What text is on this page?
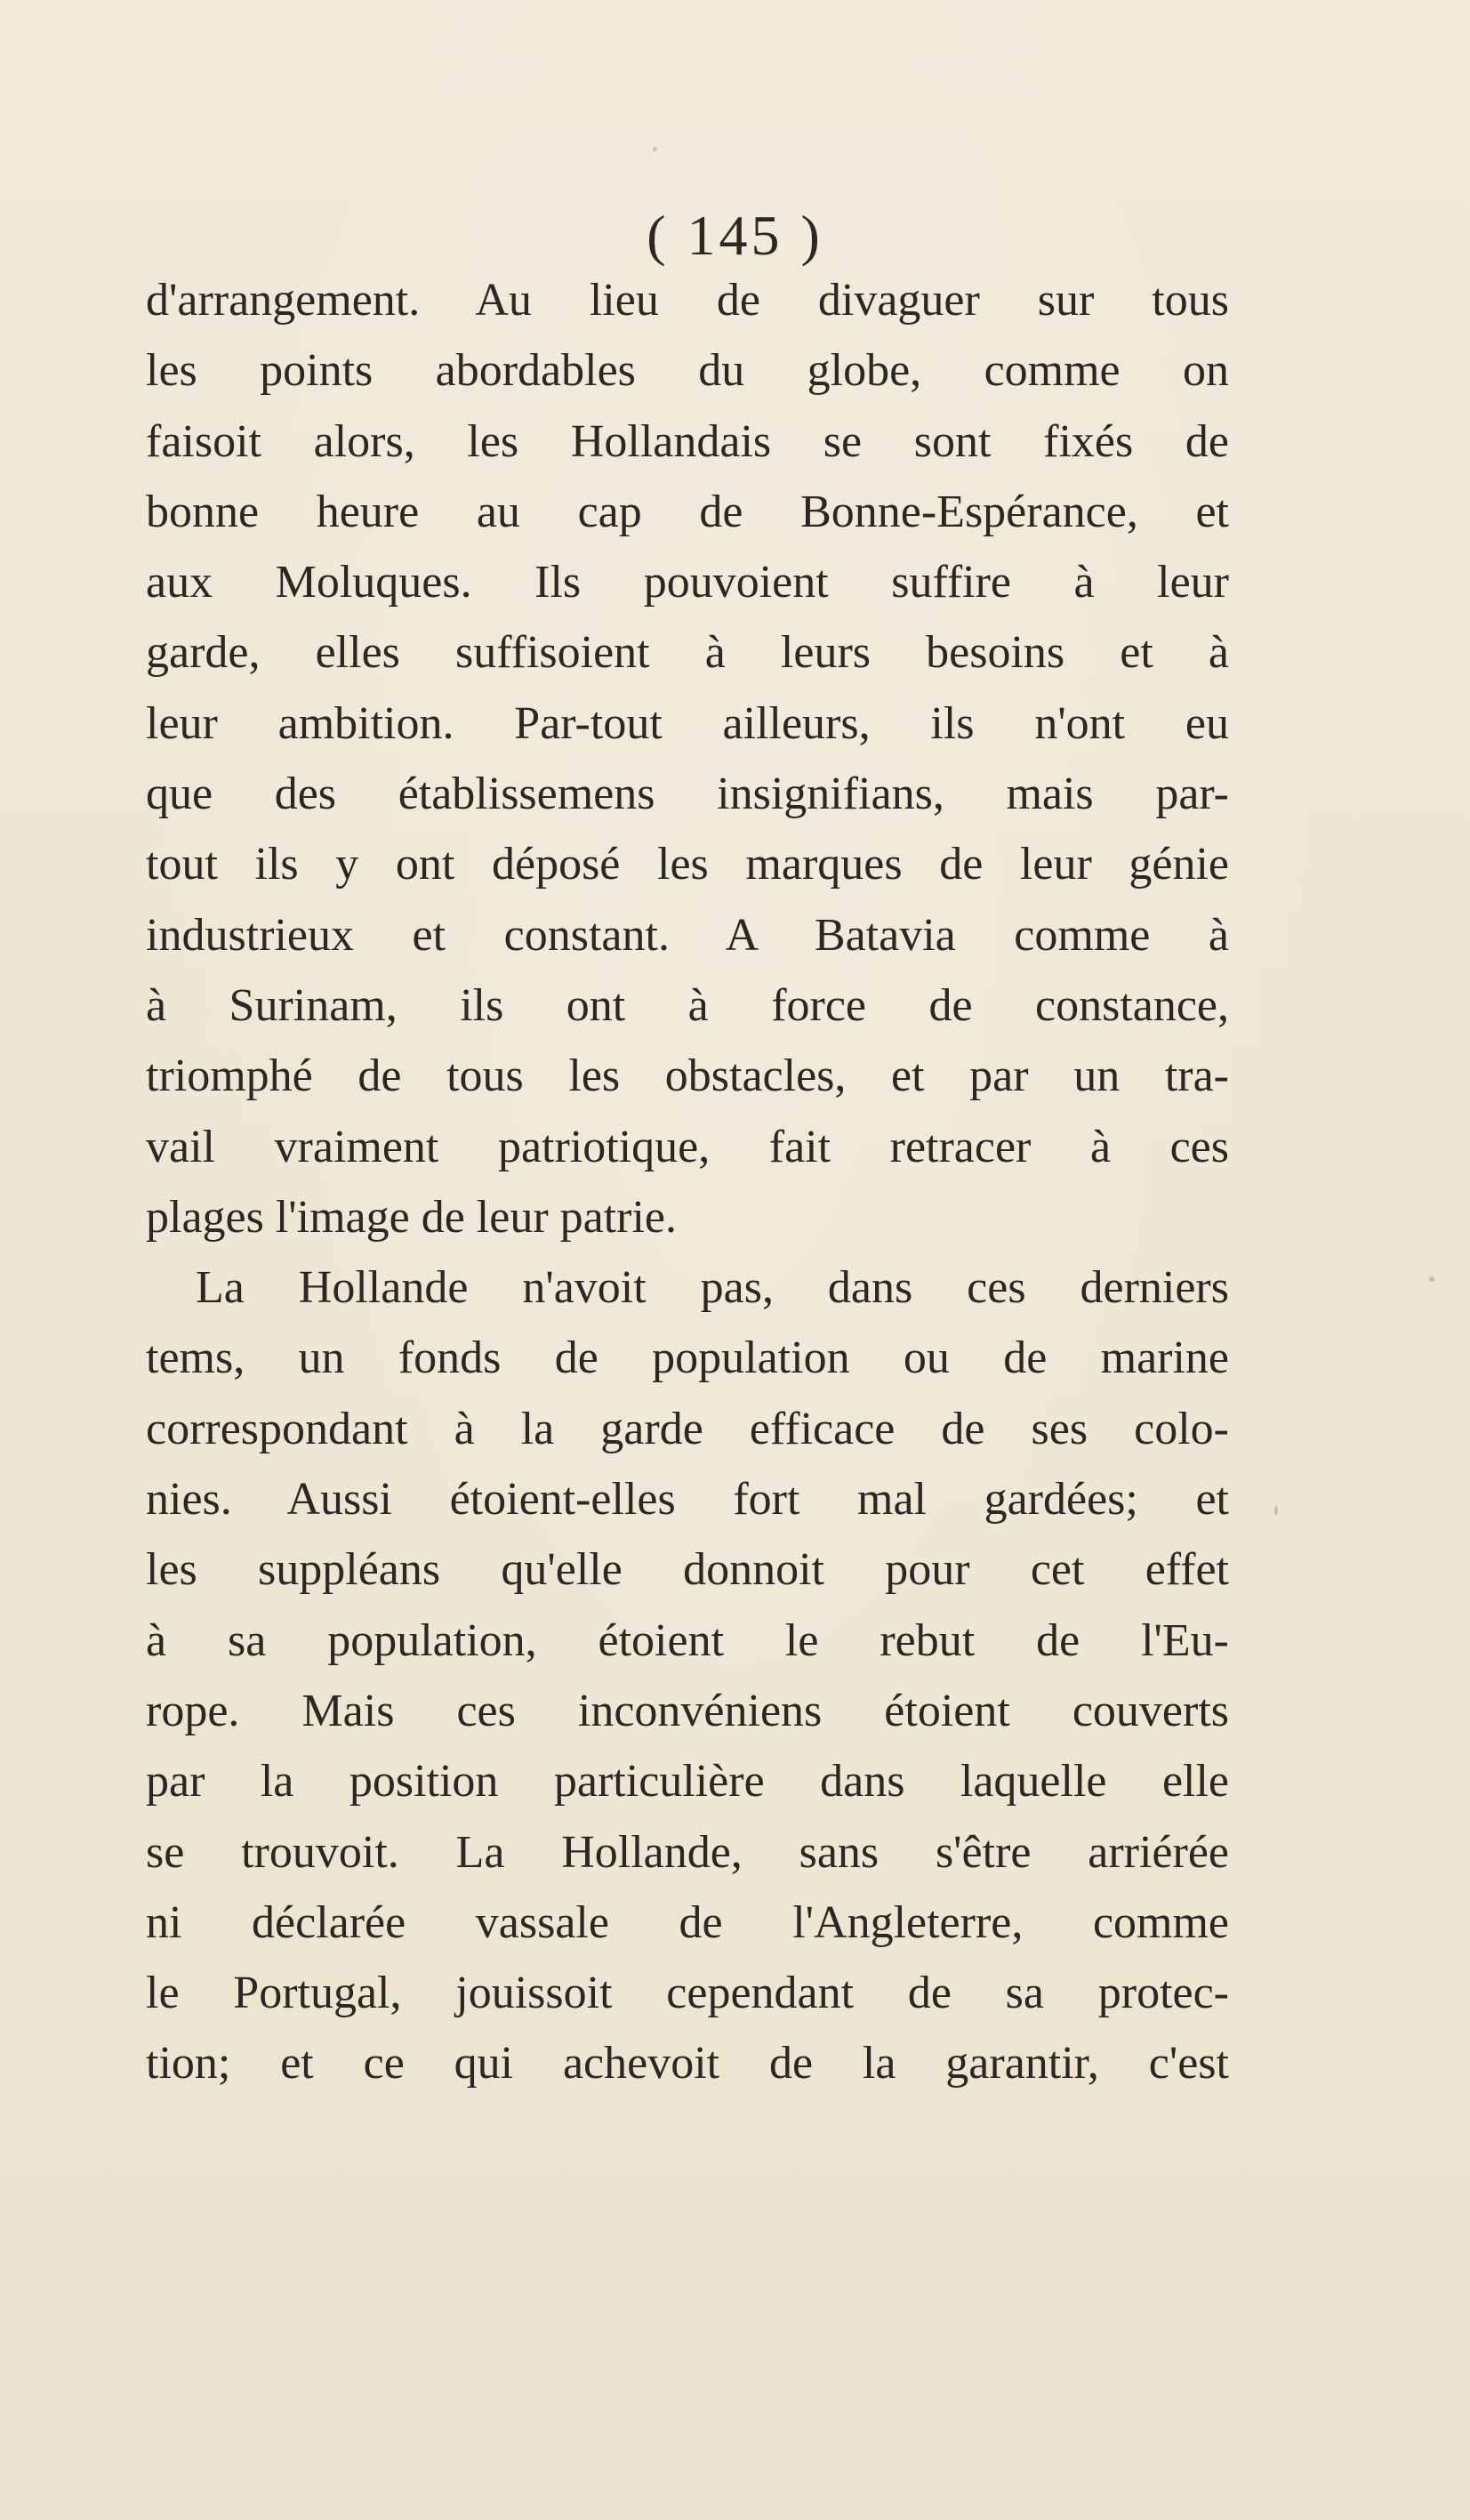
( 145 )
d'arrangement. Au lieu de divaguer sur tous
les points abordables du globe, comme on
faisoit alors, les Hollandais se sont fixés de
bonne heure au cap de Bonne-Espérance, et
aux Moluques. Ils pouvoient suffire à leur
garde, elles suffisoient à leurs besoins et à
leur ambition. Par-tout ailleurs, ils n'ont eu
que des établissemens insignifians, mais par-
tout ils y ont déposé les marques de leur génie
industrieux et constant. A Batavia comme à
à Surinam, ils ont à force de constance,
triomphé de tous les obstacles, et par un tra-
vail vraiment patriotique, fait retracer à ces
plages l'image de leur patrie.
La Hollande n'avoit pas, dans ces derniers
tems, un fonds de population ou de marine
correspondant à la garde efficace de ses colo-
nies. Aussi étoient-elles fort mal gardées; et
les suppléans qu'elle donnoit pour cet effet
à sa population, étoient le rebut de l'Eu-
rope. Mais ces inconvéniens étoient couverts
par la position particulière dans laquelle elle
se trouvoit. La Hollande, sans s'être arriérée
ni déclarée vassale de l'Angleterre, comme
le Portugal, jouissoit cependant de sa protec-
tion; et ce qui achevoit de la garantir, c'est
